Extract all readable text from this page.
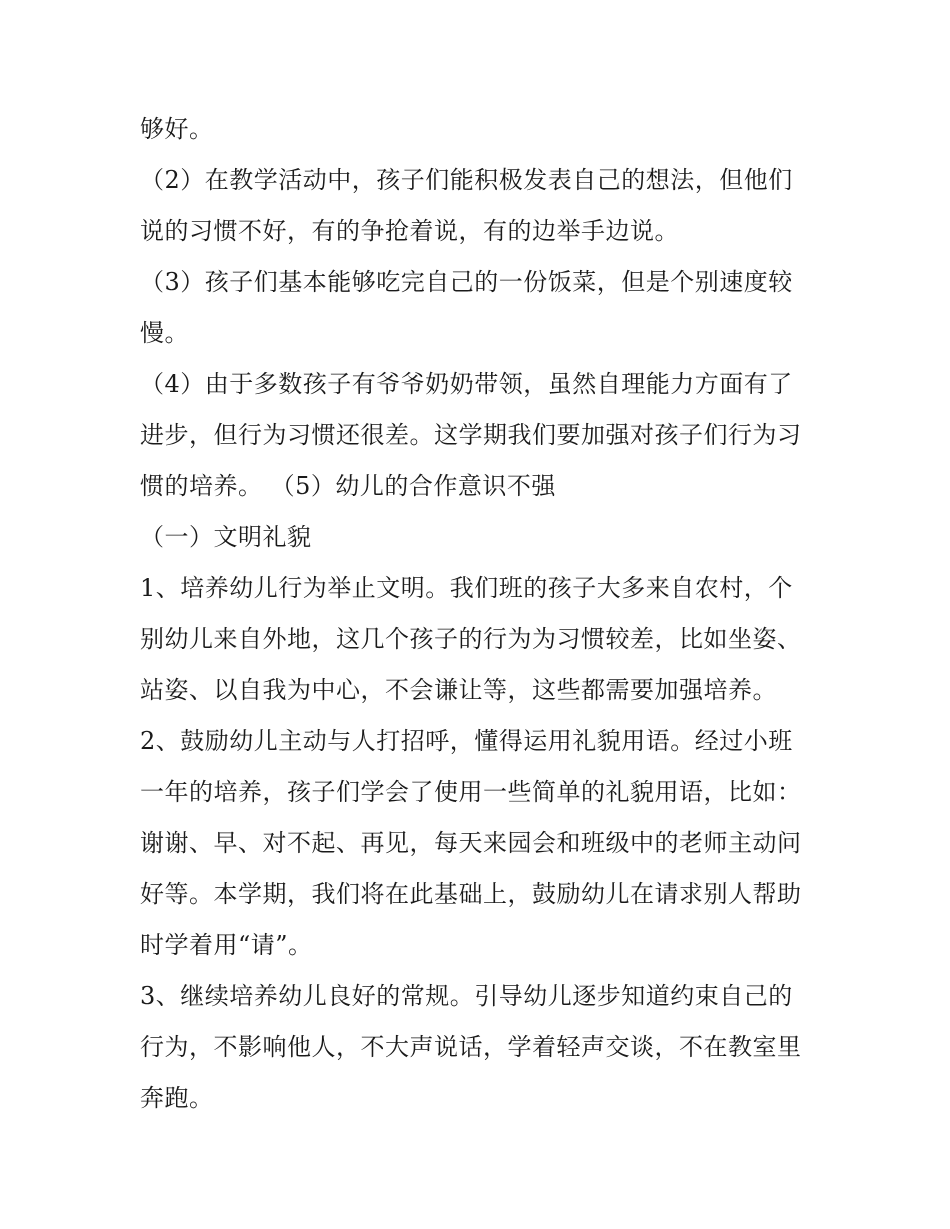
够好。
（2）在教学活动中，孩子们能积极发表自己的想法，但他们
说的习惯不好，有的争抢着说，有的边举手边说。
（3）孩子们基本能够吃完自己的一份饭菜，但是个别速度较
慢。
（4）由于多数孩子有爷爷奶奶带领，虽然自理能力方面有了
进步，但行为习惯还很差。这学期我们要加强对孩子们行为习
惯的培养。 （5）幼儿的合作意识不强
（一）文明礼貌
1、培养幼儿行为举止文明。我们班的孩子大多来自农村，个
别幼儿来自外地，这几个孩子的行为为习惯较差，比如坐姿、
站姿、以自我为中心，不会谦让等，这些都需要加强培养。
2、鼓励幼儿主动与人打招呼，懂得运用礼貌用语。经过小班
一年的培养，孩子们学会了使用一些简单的礼貌用语，比如：
谢谢、早、对不起、再见，每天来园会和班级中的老师主动问
好等。本学期，我们将在此基础上，鼓励幼儿在请求别人帮助
时学着用“请”。
3、继续培养幼儿良好的常规。引导幼儿逐步知道约束自己的
行为，不影响他人，不大声说话，学着轻声交谈，不在教室里
奔跑。
